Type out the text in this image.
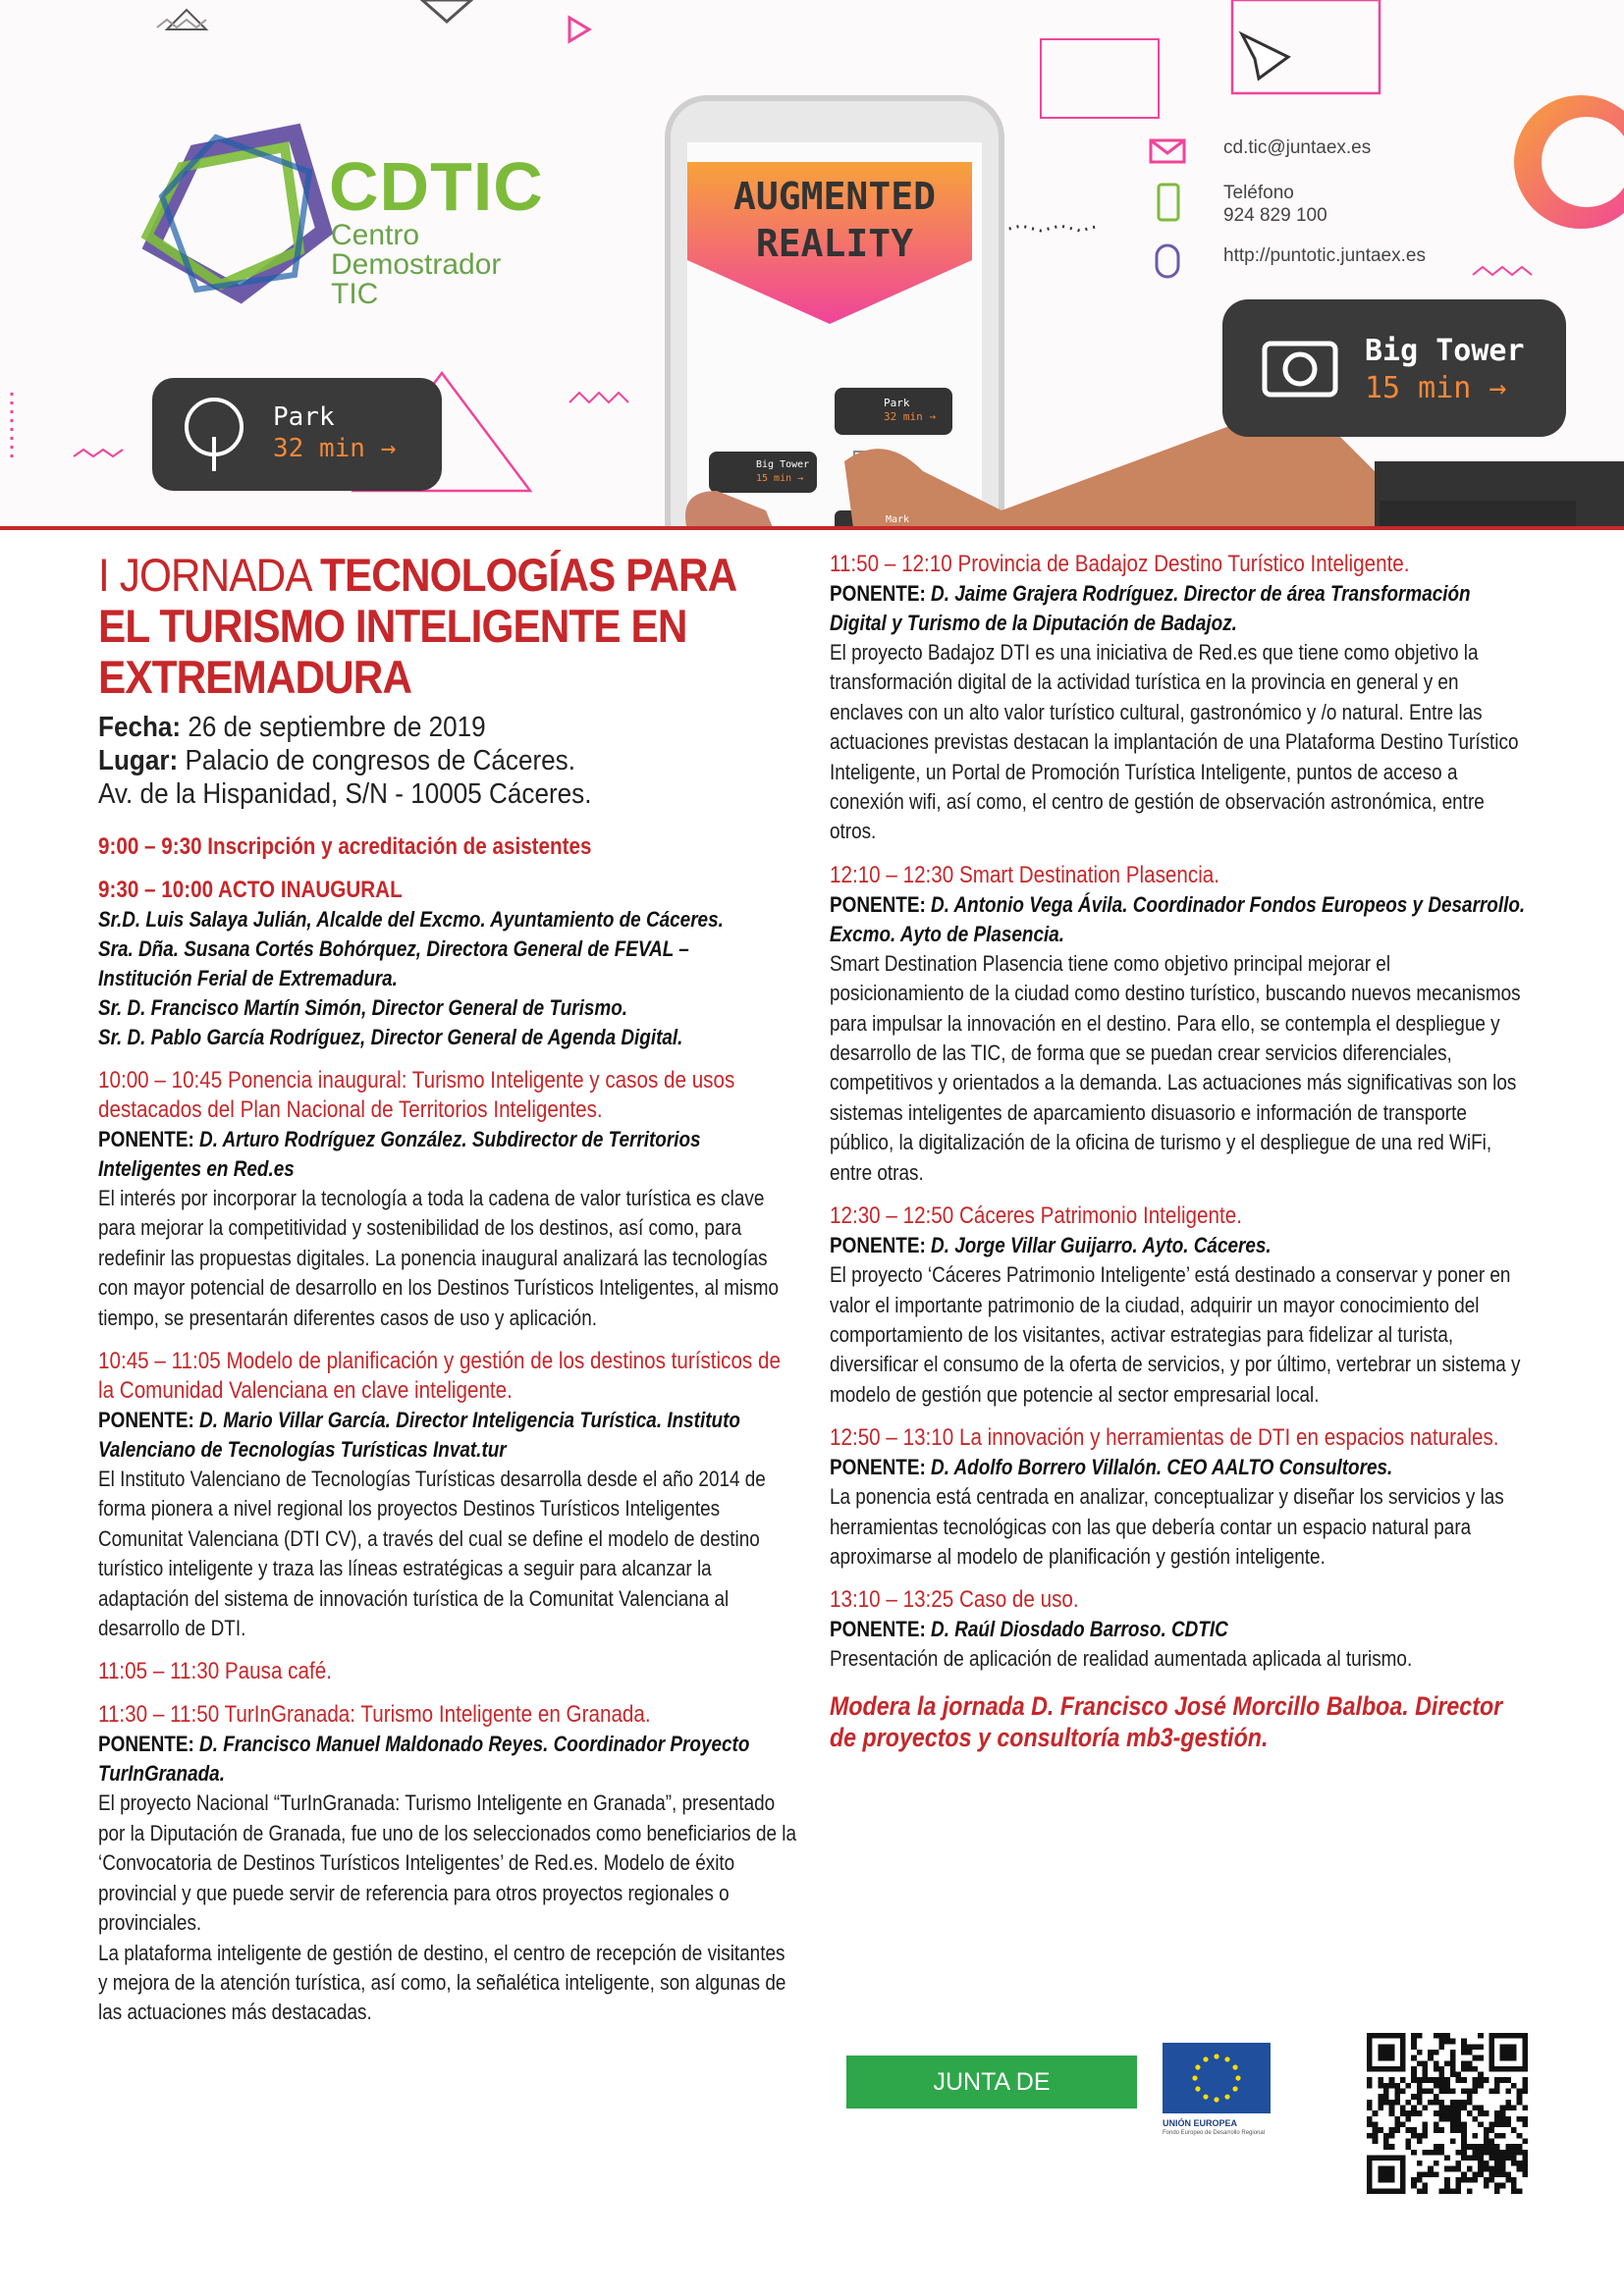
CDTIC
Centro
Demostrador
TIC
AUGMENTED
REALITY
cd.tic@juntaex.es
Teléfono
924 829 100
http://puntotic.juntaex.es
Park
32 min →
Big Tower
15 min →
Park
32 min →
Big Tower
15 min →
Mark
I JORNADA TECNOLOGÍAS PARA
EL TURISMO INTELIGENTE EN
EXTREMADURA
Fecha: 26 de septiembre de 2019
Lugar: Palacio de congresos de Cáceres.
Av. de la Hispanidad, S/N - 10005 Cáceres.
9:00 – 9:30 Inscripción y acreditación de asistentes
9:30 – 10:00 ACTO INAUGURAL
Sr.D. Luis Salaya Julián, Alcalde del Excmo. Ayuntamiento de Cáceres.
Sra. Dña. Susana Cortés Bohórquez, Directora General de FEVAL –
Institución Ferial de Extremadura.
Sr. D. Francisco Martín Simón, Director General de Turismo.
Sr. D. Pablo García Rodríguez, Director General de Agenda Digital.
10:00 – 10:45 Ponencia inaugural: Turismo Inteligente y casos de usos destacados del Plan Nacional de Territorios Inteligentes.
PONENTE: D. Arturo Rodríguez González. Subdirector de Territorios Inteligentes en Red.es
El interés por incorporar la tecnología a toda la cadena de valor turística es clave para mejorar la competitividad y sostenibilidad de los destinos, así como, para redefinir las propuestas digitales. La ponencia inaugural analizará las tecnologías con mayor potencial de desarrollo en los Destinos Turísticos Inteligentes, al mismo tiempo, se presentarán diferentes casos de uso y aplicación.
10:45 – 11:05 Modelo de planificación y gestión de los destinos turísticos de la Comunidad Valenciana en clave inteligente.
PONENTE: D. Mario Villar García. Director Inteligencia Turística. Instituto Valenciano de Tecnologías Turísticas Invat.tur
El Instituto Valenciano de Tecnologías Turísticas desarrolla desde el año 2014 de forma pionera a nivel regional los proyectos Destinos Turísticos Inteligentes Comunitat Valenciana (DTI CV), a través del cual se define el modelo de destino turístico inteligente y traza las líneas estratégicas a seguir para alcanzar la adaptación del sistema de innovación turística de la Comunitat Valenciana al desarrollo de DTI.
11:05 – 11:30 Pausa café.
11:30 – 11:50 TurInGranada: Turismo Inteligente en Granada.
PONENTE: D. Francisco Manuel Maldonado Reyes. Coordinador Proyecto TurInGranada.
El proyecto Nacional “TurInGranada: Turismo Inteligente en Granada”, presentado por la Diputación de Granada, fue uno de los seleccionados como beneficiarios de la ‘Convocatoria de Destinos Turísticos Inteligentes’ de Red.es. Modelo de éxito provincial y que puede servir de referencia para otros proyectos regionales o provinciales.
La plataforma inteligente de gestión de destino, el centro de recepción de visitantes y mejora de la atención turística, así como, la señalética inteligente, son algunas de las actuaciones más destacadas.
11:50 – 12:10 Provincia de Badajoz Destino Turístico Inteligente.
PONENTE: D. Jaime Grajera Rodríguez. Director de área Transformación Digital y Turismo de la Diputación de Badajoz.
El proyecto Badajoz DTI es una iniciativa de Red.es que tiene como objetivo la transformación digital de la actividad turística en la provincia en general y en enclaves con un alto valor turístico cultural, gastronómico y /o natural. Entre las actuaciones previstas destacan la implantación de una Plataforma Destino Turístico Inteligente, un Portal de Promoción Turística Inteligente, puntos de acceso a conexión wifi, así como, el centro de gestión de observación astronómica, entre otros.
12:10 – 12:30 Smart Destination Plasencia.
PONENTE: D. Antonio Vega Ávila. Coordinador Fondos Europeos y Desarrollo. Excmo. Ayto de Plasencia.
Smart Destination Plasencia tiene como objetivo principal mejorar el posicionamiento de la ciudad como destino turístico, buscando nuevos mecanismos para impulsar la innovación en el destino. Para ello, se contempla el despliegue y desarrollo de las TIC, de forma que se puedan crear servicios diferenciales, competitivos y orientados a la demanda. Las actuaciones más significativas son los sistemas inteligentes de aparcamiento disuasorio e información de transporte público, la digitalización de la oficina de turismo y el despliegue de una red WiFi, entre otras.
12:30 – 12:50 Cáceres Patrimonio Inteligente.
PONENTE: D. Jorge Villar Guijarro. Ayto. Cáceres.
El proyecto ‘Cáceres Patrimonio Inteligente’ está destinado a conservar y poner en valor el importante patrimonio de la ciudad, adquirir un mayor conocimiento del comportamiento de los visitantes, activar estrategias para fidelizar al turista, diversificar el consumo de la oferta de servicios, y por último, vertebrar un sistema y modelo de gestión que potencie al sector empresarial local.
12:50 – 13:10 La innovación y herramientas de DTI en espacios naturales.
PONENTE: D. Adolfo Borrero Villalón. CEO AALTO Consultores.
La ponencia está centrada en analizar, conceptualizar y diseñar los servicios y las herramientas tecnológicas con las que debería contar un espacio natural para aproximarse al modelo de planificación y gestión inteligente.
13:10 – 13:25 Caso de uso.
PONENTE: D. Raúl Diosdado Barroso. CDTIC
Presentación de aplicación de realidad aumentada aplicada al turismo.
Modera la jornada D. Francisco José Morcillo Balboa. Director de proyectos y consultoría mb3-gestión.
JUNTA DE EXTREMADURA	UNIÓN EUROPEA
Fondo Europeo de Desarrollo Regional
